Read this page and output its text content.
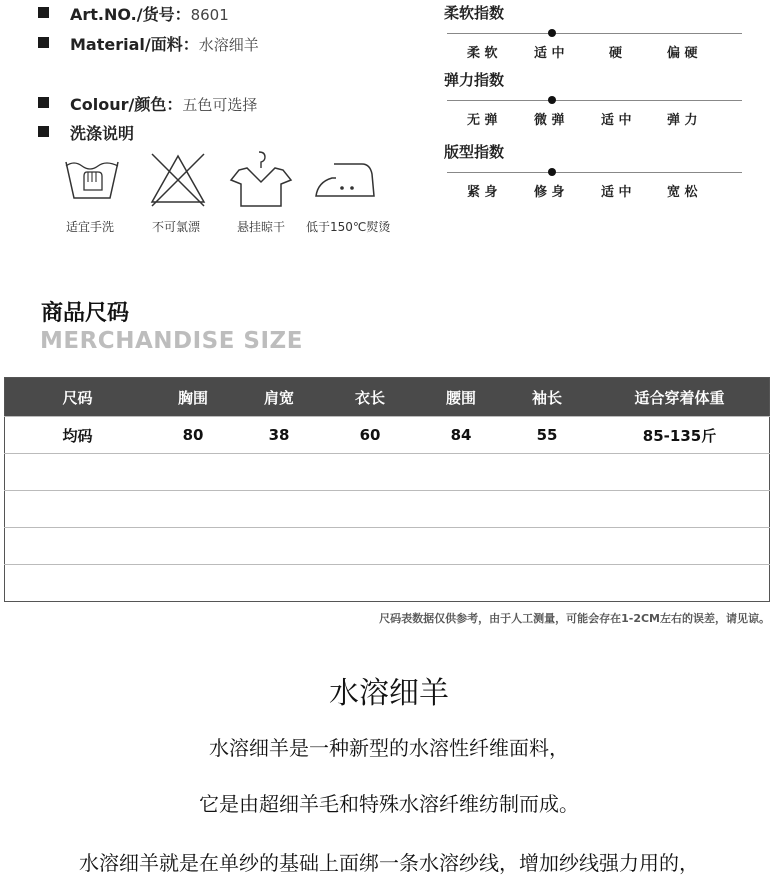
Art.NO./货号：8601
Material/面料：水溶细羊
Colour/颜色：五色可选择
洗涤说明
适宜手洗	不可氯漂	悬挂晾干 低于150℃熨烫
柔软指数
柔 软	适 中	硬	偏 硬
弹力指数
无 弹	微 弹	适 中	弹 力
版型指数
紧 身	修 身	适 中	宽 松
商品尺码
MERCHANDISE SIZE
尺码	胸围	肩宽	衣长	腰围	袖长	适合穿着体重
均码	80	38	60	84	55	85-135斤

尺码表数据仅供参考，由于人工测量，可能会存在1-2CM左右的误差，请见谅。
水溶细羊
水溶细羊是一种新型的水溶性纤维面料，
它是由超细羊毛和特殊水溶纤维纺制而成。
水溶细羊就是在单纱的基础上面绑一条水溶纱线，增加纱线强力用的，
